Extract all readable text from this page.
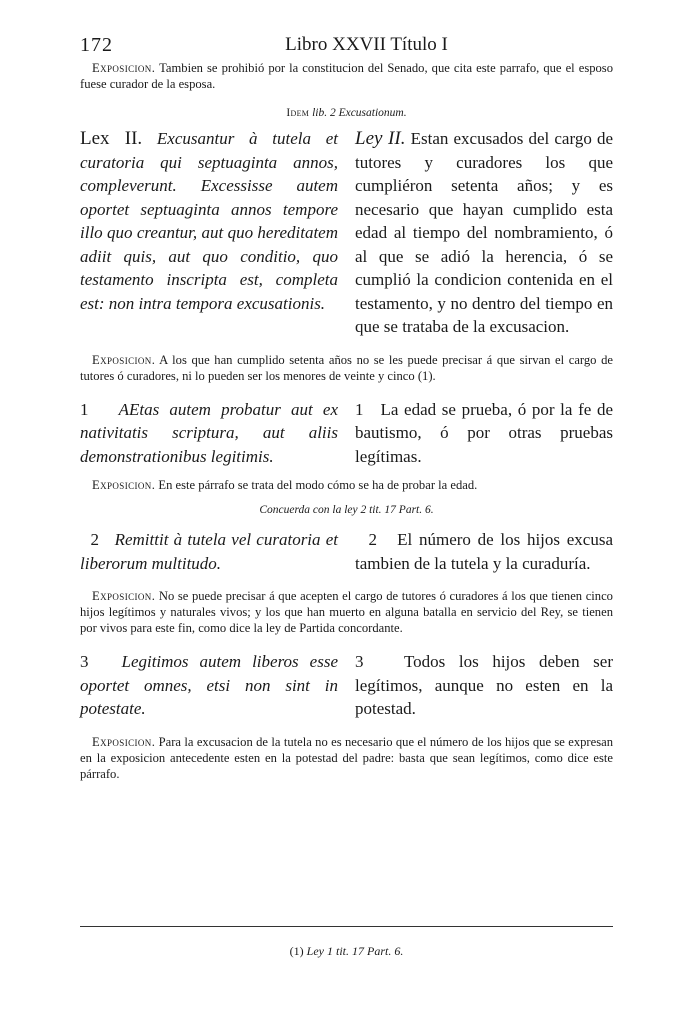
172	Libro XXVII Título I

Exposicion. Tambien se prohibió por la constitucion del Senado, que cita este parrafo, que el esposo fuese curador de la esposa.

Idem lib. 2 Excusationum.

Lex II. Excusantur à tutela et curatoria qui septuaginta annos, compleverunt. Excessisse autem oportet septuaginta annos tempore illo quo creantur, aut quo hereditatem adiit quis, aut quo conditio, quo testamento inscripta est, completa est: non intra tempora excusationis.
Ley II. Estan excusados del cargo de tutores y curadores los que cumpliéron setenta años; y es necesario que hayan cumplido esta edad al tiempo del nombramiento, ó al que se adió la herencia, ó se cumplió la condicion contenida en el testamento, y no dentro del tiempo en que se trataba de la excusacion.

Exposicion. A los que han cumplido setenta años no se les puede precisar á que sirvan el cargo de tutores ó curadores, ni lo pueden ser los menores de veinte y cinco (1).

1 AEtas autem probatur aut ex nativitatis scriptura, aut aliis demonstrationibus legitimis.
1 La edad se prueba, ó por la fe de bautismo, ó por otras pruebas legítimas.

Exposicion. En este párrafo se trata del modo cómo se ha de probar la edad.

Concuerda con la ley 2 tit. 17 Part. 6.

2 Remittit à tutela vel curatoria et liberorum multitudo.
2 El número de los hijos excusa tambien de la tutela y la curaduría.

Exposicion. No se puede precisar á que acepten el cargo de tutores ó curadores á los que tienen cinco hijos legítimos y naturales vivos; y los que han muerto en alguna batalla en servicio del Rey, se tienen por vivos para este fin, como dice la ley de Partida concordante.

3 Legitimos autem liberos esse oportet omnes, etsi non sint in potestate.
3 Todos los hijos deben ser legítimos, aunque no esten en la potestad.

Exposicion. Para la excusacion de la tutela no es necesario que el número de los hijos que se expresan en la exposicion antecedente esten en la potestad del padre: basta que sean legítimos, como dice este párrafo.

(1) Ley 1 tit. 17 Part. 6.
